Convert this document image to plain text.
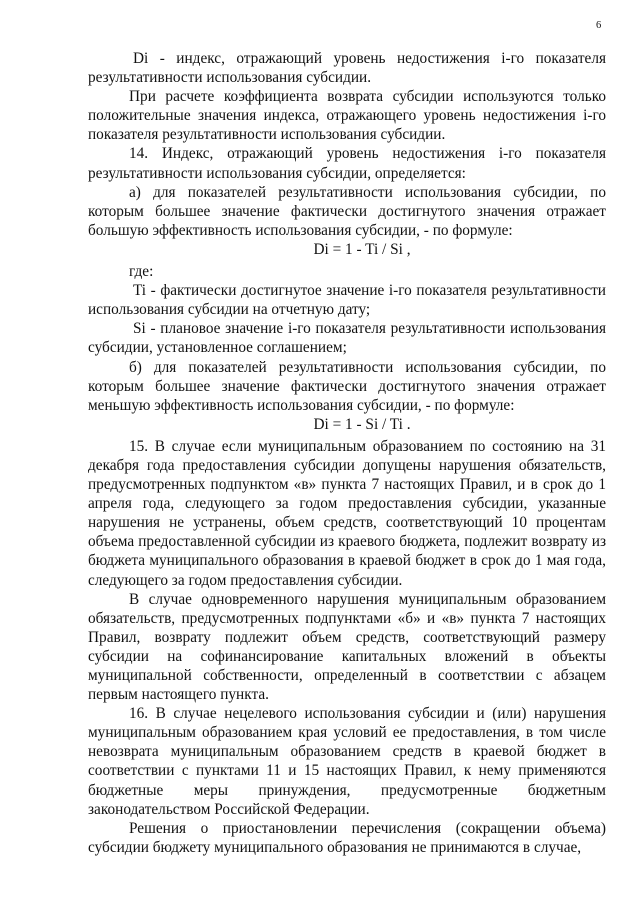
6

Di - индекс, отражающий уровень недостижения i-го показателя результативности использования субсидии.

При расчете коэффициента возврата субсидии используются только положительные значения индекса, отражающего уровень недостижения i-го показателя результативности использования субсидии.

14. Индекс, отражающий уровень недостижения i-го показателя результативности использования субсидии, определяется:

а) для показателей результативности использования субсидии, по которым большее значение фактически достигнутого значения отражает большую эффективность использования субсидии, - по формуле:

Di = 1 - Ti / Si ,

где:

Ti - фактически достигнутое значение i-го показателя результативности использования субсидии на отчетную дату;

Si - плановое значение i-го показателя результативности использования субсидии, установленное соглашением;

б) для показателей результативности использования субсидии, по которым большее значение фактически достигнутого значения отражает меньшую эффективность использования субсидии, - по формуле:

Di = 1 - Si / Ti .

15. В случае если муниципальным образованием по состоянию на 31 декабря года предоставления субсидии допущены нарушения обязательств, предусмотренных подпунктом «в» пункта 7 настоящих Правил, и в срок до 1 апреля года, следующего за годом предоставления субсидии, указанные нарушения не устранены, объем средств, соответствующий 10 процентам объема предоставленной субсидии из краевого бюджета, подлежит возврату из бюджета муниципального образования в краевой бюджет в срок до 1 мая года, следующего за годом предоставления субсидии.

В случае одновременного нарушения муниципальным образованием обязательств, предусмотренных подпунктами «б» и «в» пункта 7 настоящих Правил, возврату подлежит объем средств, соответствующий размеру субсидии на софинансирование капитальных вложений в объекты муниципальной собственности, определенный в соответствии с абзацем первым настоящего пункта.

16. В случае нецелевого использования субсидии и (или) нарушения муниципальным образованием края условий ее предоставления, в том числе невозврата муниципальным образованием средств в краевой бюджет в соответствии с пунктами 11 и 15 настоящих Правил, к нему применяются бюджетные меры принуждения, предусмотренные бюджетным законодательством Российской Федерации.

Решения о приостановлении перечисления (сокращении объема) субсидии бюджету муниципального образования не принимаются в случае,
